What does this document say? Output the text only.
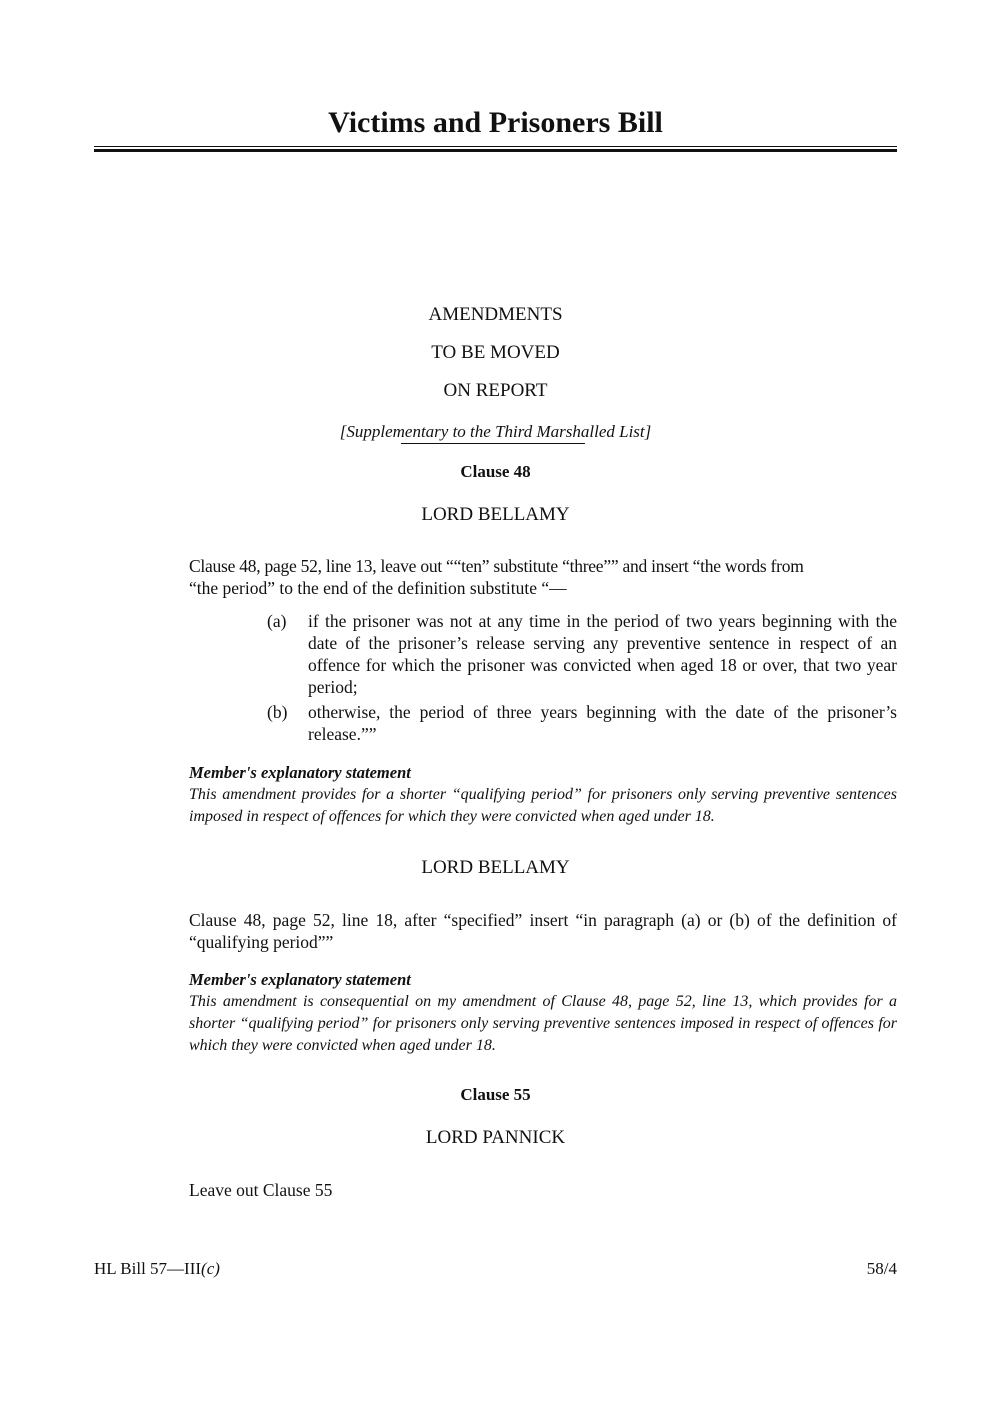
Victims and Prisoners Bill
AMENDMENTS
TO BE MOVED
ON REPORT
[Supplementary to the Third Marshalled List]
Clause 48
LORD BELLAMY
Clause 48, page 52, line 13, leave out ““ten” substitute “three”” and insert “the words from
“the period” to the end of the definition substitute “—
(a) if the prisoner was not at any time in the period of two years beginning with the date of the prisoner’s release serving any preventive sentence in respect of an offence for which the prisoner was convicted when aged 18 or over, that two year period;
(b) otherwise, the period of three years beginning with the date of the prisoner’s release.””
Member's explanatory statement
This amendment provides for a shorter “qualifying period” for prisoners only serving preventive sentences imposed in respect of offences for which they were convicted when aged under 18.
LORD BELLAMY
Clause 48, page 52, line 18, after “specified” insert “in paragraph (a) or (b) of the definition of “qualifying period””
Member's explanatory statement
This amendment is consequential on my amendment of Clause 48, page 52, line 13, which provides for a shorter “qualifying period” for prisoners only serving preventive sentences imposed in respect of offences for which they were convicted when aged under 18.
Clause 55
LORD PANNICK
Leave out Clause 55
HL Bill 57—III(c)	58/4
